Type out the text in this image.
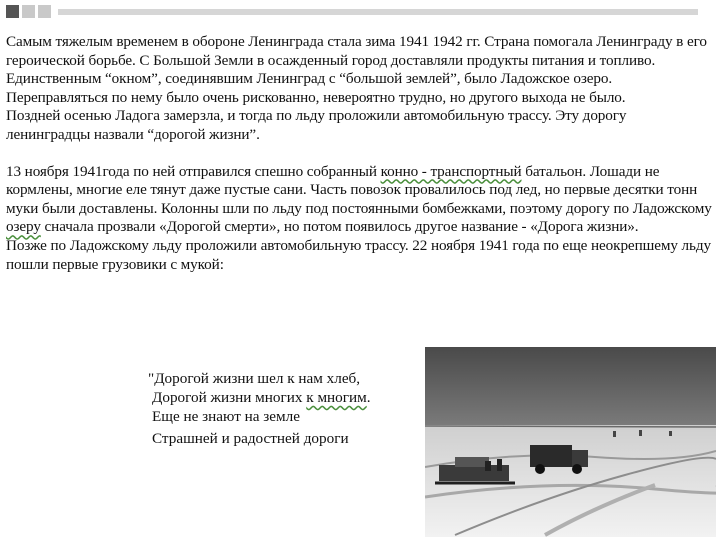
Самым тяжелым временем в обороне Ленинграда стала зима 1941 1942 гг. Страна помогала Ленинграду в его героической борьбе. С Большой Земли в осажденный город доставляли продукты питания и топливо. Единственным “окном”, соединявшим Ленинград с “большой землей”, было Ладожское озеро.

Переправляться по нему было очень рискованно, невероятно трудно, но другого выхода не было.

Поздней осенью Ладога замерзла, и тогда по льду проложили автомобильную трассу. Эту дорогу ленинградцы назвали “дорогой жизни”.

13 ноября 1941года по ней отправился спешно собранный конно - транспортный батальон. Лошади не кормлены, многие еле тянут даже пустые сани. Часть повозок провалилось под лед, но первые десятки тонн муки были доставлены. Колонны шли по льду под постоянными бомбежками, поэтому дорогу по Ладожскому озеру сначала прозвали «Дорогой смерти», но потом появилось другое название - «Дорога жизни».

Позже по Ладожскому льду проложили автомобильную трассу. 22 ноября 1941 года по еще неокрепшему льду пошли первые грузовики с мукой:

"Дорогой жизни шел к нам хлеб,
Дорогой жизни многих к многим.
Еще не знают на земле
Страшней и радостней дороги
